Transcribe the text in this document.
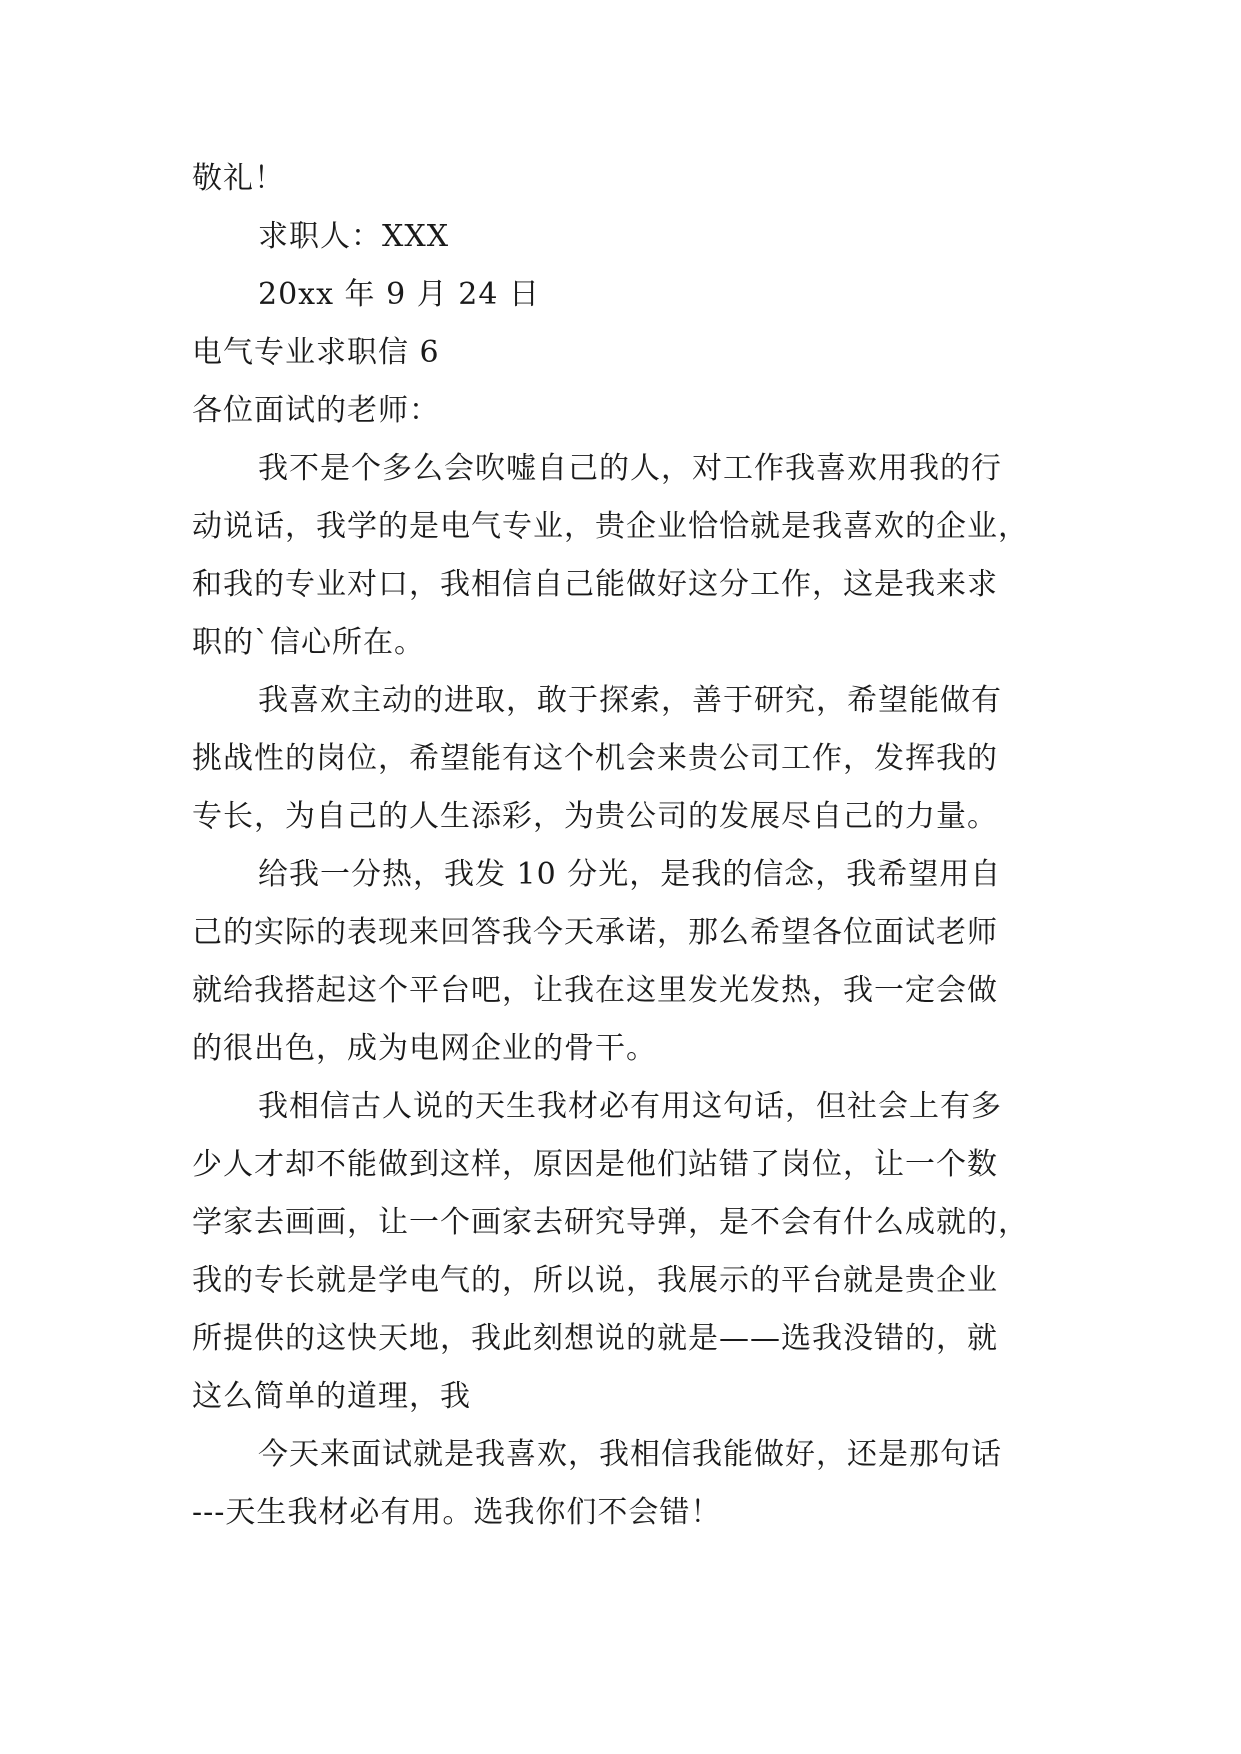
敬礼！
求职人：XXX
20xx 年 9 月 24 日
电气专业求职信 6
各位面试的老师：
我不是个多么会吹嘘自己的人，对工作我喜欢用我的行
动说话，我学的是电气专业，贵企业恰恰就是我喜欢的企业，
和我的专业对口，我相信自己能做好这分工作，这是我来求
职的`信心所在。
我喜欢主动的进取，敢于探索，善于研究，希望能做有
挑战性的岗位，希望能有这个机会来贵公司工作，发挥我的
专长，为自己的人生添彩，为贵公司的发展尽自己的力量。
给我一分热，我发 10 分光，是我的信念，我希望用自
己的实际的表现来回答我今天承诺，那么希望各位面试老师
就给我搭起这个平台吧，让我在这里发光发热，我一定会做
的很出色，成为电网企业的骨干。
我相信古人说的天生我材必有用这句话，但社会上有多
少人才却不能做到这样，原因是他们站错了岗位，让一个数
学家去画画，让一个画家去研究导弹，是不会有什么成就的，
我的专长就是学电气的，所以说，我展示的平台就是贵企业
所提供的这快天地，我此刻想说的就是——选我没错的，就
这么简单的道理，我
今天来面试就是我喜欢，我相信我能做好，还是那句话
---天生我材必有用。选我你们不会错！
